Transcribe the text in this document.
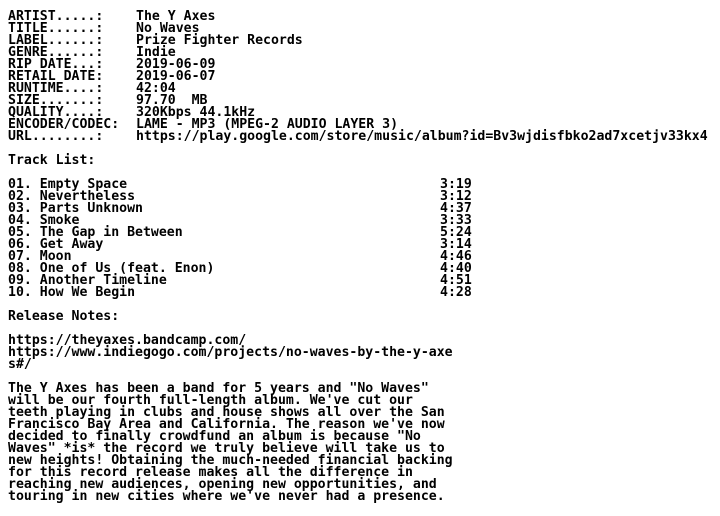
ARTIST.....: The Y Axes
TITLE......: No Waves
LABEL......: Prize Fighter Records
GENRE......: Indie
RIP DATE...: 2019-06-09
RETAIL DATE: 2019-06-07
RUNTIME....: 42:04
SIZE.......: 97.70  MB
QUALITY....: 320Kbps 44.1kHz
ENCODER/CODEC: LAME - MP3 (MPEG-2 AUDIO LAYER 3)
URL........: https://play.google.com/store/music/album?id=Bv3wjdisfbko2ad7xcetjv33kx4
Track List:
01. Empty Space	3:19
02. Nevertheless	3:12
03. Parts Unknown	4:37
04. Smoke	3:33
05. The Gap in Between	5:24
06. Get Away	3:14
07. Moon	4:46
08. One of Us (feat. Enon)	4:40
09. Another Timeline	4:51
10. How We Begin	4:28
Release Notes:
https://theyaxes.bandcamp.com/
https://www.indiegogo.com/projects/no-waves-by-the-y-axe
s#/
The Y Axes has been a band for 5 years and "No Waves"
will be our fourth full-length album. We've cut our
teeth playing in clubs and house shows all over the San
Francisco Bay Area and California. The reason we've now
decided to finally crowdfund an album is because "No
Waves" *is* the record we truly believe will take us to
new heights! Obtaining the much-needed financial backing
for this record release makes all the difference in
reaching new audiences, opening new opportunities, and
touring in new cities where we've never had a presence.
